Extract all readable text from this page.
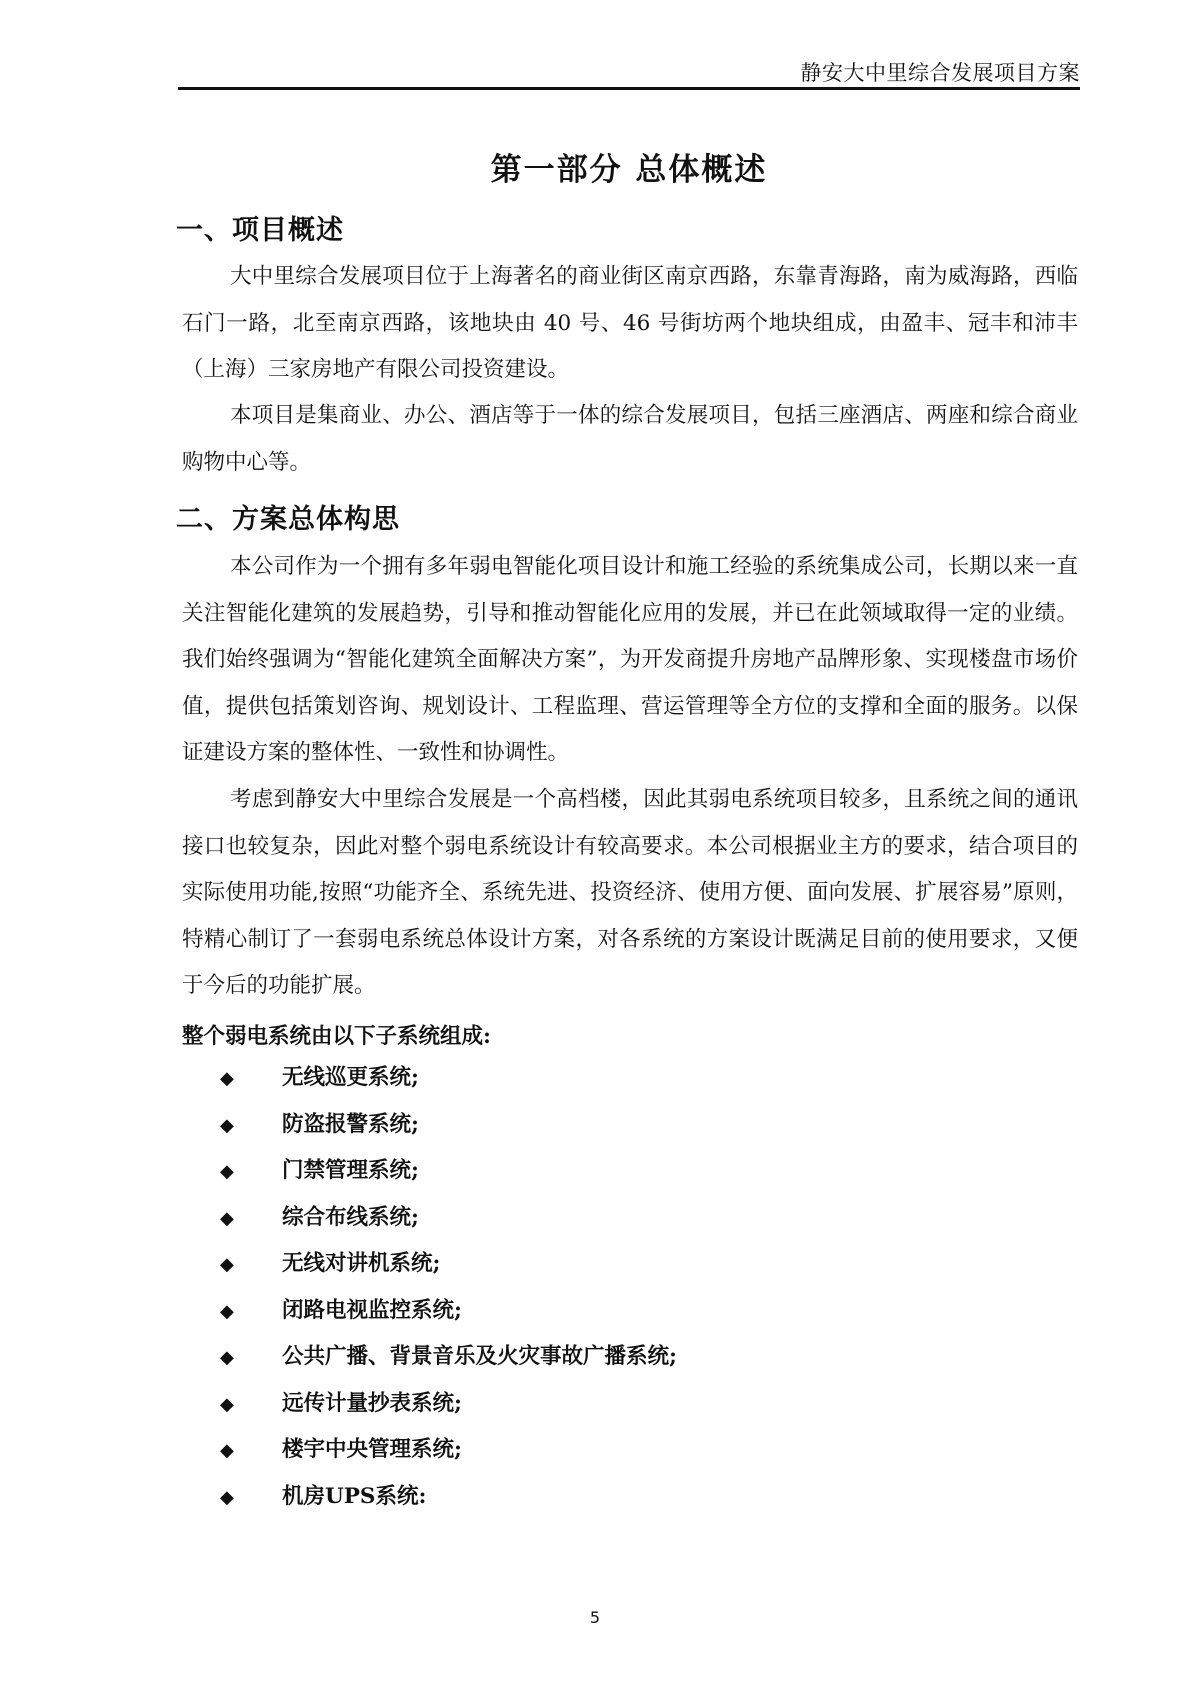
静安大中里综合发展项目方案
第一部分 总体概述
一、项目概述

大中里综合发展项目位于上海著名的商业街区南京西路，东靠青海路，南为威海路，西临石门一路，北至南京西路，该地块由 40 号、46 号街坊两个地块组成，由盈丰、冠丰和沛丰（上海）三家房地产有限公司投资建设。

本项目是集商业、办公、酒店等于一体的综合发展项目，包括三座酒店、两座和综合商业购物中心等。

二、方案总体构思

本公司作为一个拥有多年弱电智能化项目设计和施工经验的系统集成公司，长期以来一直关注智能化建筑的发展趋势，引导和推动智能化应用的发展，并已在此领域取得一定的业绩。我们始终强调为“智能化建筑全面解决方案”，为开发商提升房地产品牌形象、实现楼盘市场价值，提供包括策划咨询、规划设计、工程监理、营运管理等全方位的支撑和全面的服务。以保证建设方案的整体性、一致性和协调性。

考虑到静安大中里综合发展是一个高档楼，因此其弱电系统项目较多，且系统之间的通讯接口也较复杂，因此对整个弱电系统设计有较高要求。本公司根据业主方的要求，结合项目的实际使用功能,按照“功能齐全、系统先进、投资经济、使用方便、面向发展、扩展容易”原则，特精心制订了一套弱电系统总体设计方案，对各系统的方案设计既满足目前的使用要求，又便于今后的功能扩展。

整个弱电系统由以下子系统组成:
◆ 无线巡更系统;
◆ 防盗报警系统;
◆ 门禁管理系统;
◆ 综合布线系统;
◆ 无线对讲机系统;
◆ 闭路电视监控系统;
◆ 公共广播、背景音乐及火灾事故广播系统;
◆ 远传计量抄表系统;
◆ 楼宇中央管理系统;
◆ 机房UPS系统:
5
